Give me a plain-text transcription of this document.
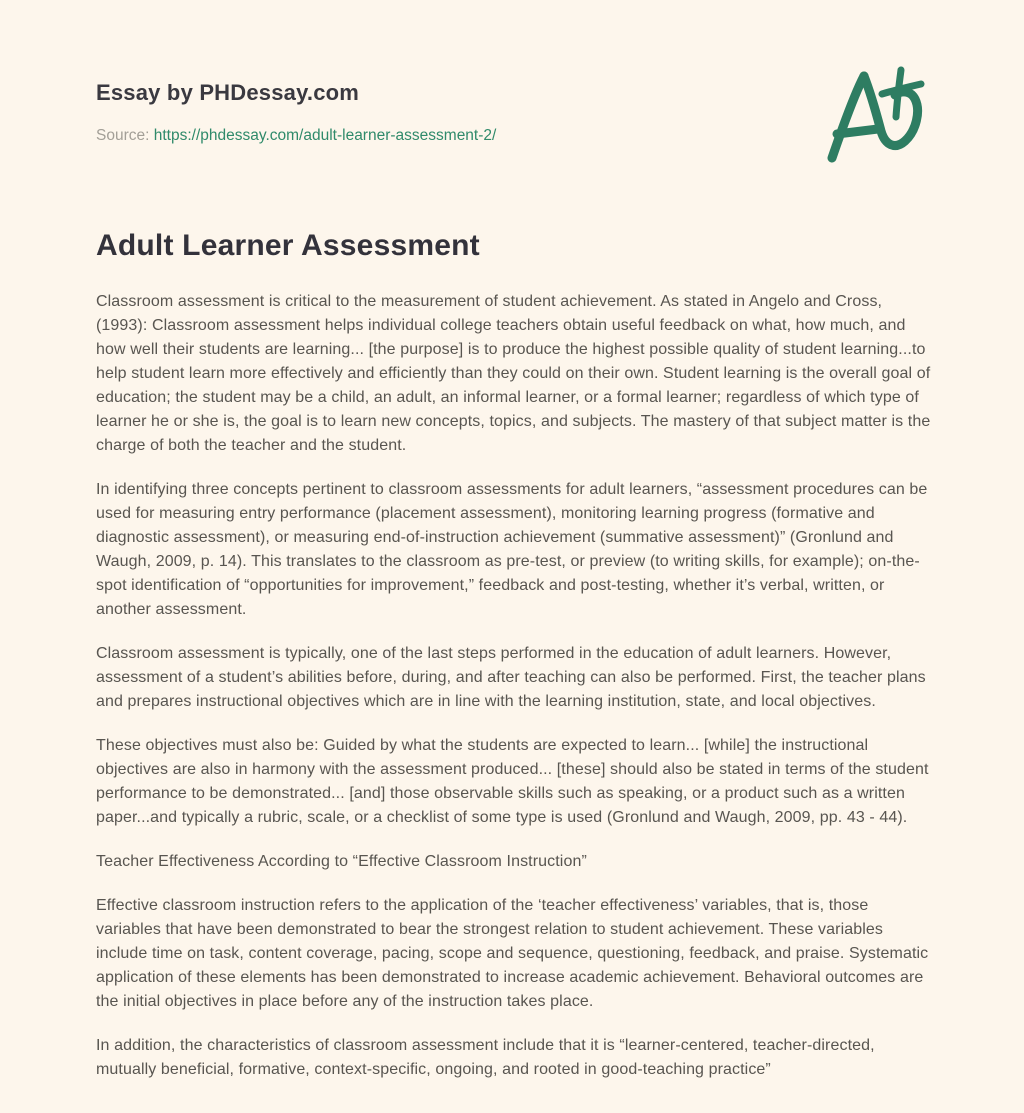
Essay by PHDessay.com
Source: https://phdessay.com/adult-learner-assessment-2/
Adult Learner Assessment

Classroom assessment is critical to the measurement of student achievement. As stated in Angelo and Cross, (1993): Classroom assessment helps individual college teachers obtain useful feedback on what, how much, and how well their students are learning... [the purpose] is to produce the highest possible quality of student learning...to help student learn more effectively and efficiently than they could on their own. Student learning is the overall goal of education; the student may be a child, an adult, an informal learner, or a formal learner; regardless of which type of learner he or she is, the goal is to learn new concepts, topics, and subjects. The mastery of that subject matter is the charge of both the teacher and the student.

In identifying three concepts pertinent to classroom assessments for adult learners, “assessment procedures can be used for measuring entry performance (placement assessment), monitoring learning progress (formative and diagnostic assessment), or measuring end-of-instruction achievement (summative assessment)” (Gronlund and Waugh, 2009, p. 14). This translates to the classroom as pre-test, or preview (to writing skills, for example); on-the-spot identification of “opportunities for improvement,” feedback and post-testing, whether it’s verbal, written, or another assessment.

Classroom assessment is typically, one of the last steps performed in the education of adult learners. However, assessment of a student’s abilities before, during, and after teaching can also be performed. First, the teacher plans and prepares instructional objectives which are in line with the learning institution, state, and local objectives.

These objectives must also be: Guided by what the students are expected to learn... [while] the instructional objectives are also in harmony with the assessment produced... [these] should also be stated in terms of the student performance to be demonstrated... [and] those observable skills such as speaking, or a product such as a written paper...and typically a rubric, scale, or a checklist of some type is used (Gronlund and Waugh, 2009, pp. 43 - 44).

Teacher Effectiveness According to “Effective Classroom Instruction”

Effective classroom instruction refers to the application of the ‘teacher effectiveness’ variables, that is, those variables that have been demonstrated to bear the strongest relation to student achievement. These variables include time on task, content coverage, pacing, scope and sequence, questioning, feedback, and praise. Systematic application of these elements has been demonstrated to increase academic achievement. Behavioral outcomes are the initial objectives in place before any of the instruction takes place.

In addition, the characteristics of classroom assessment include that it is “learner-centered, teacher-directed, mutually beneficial, formative, context-specific, ongoing, and rooted in good-teaching practice”
